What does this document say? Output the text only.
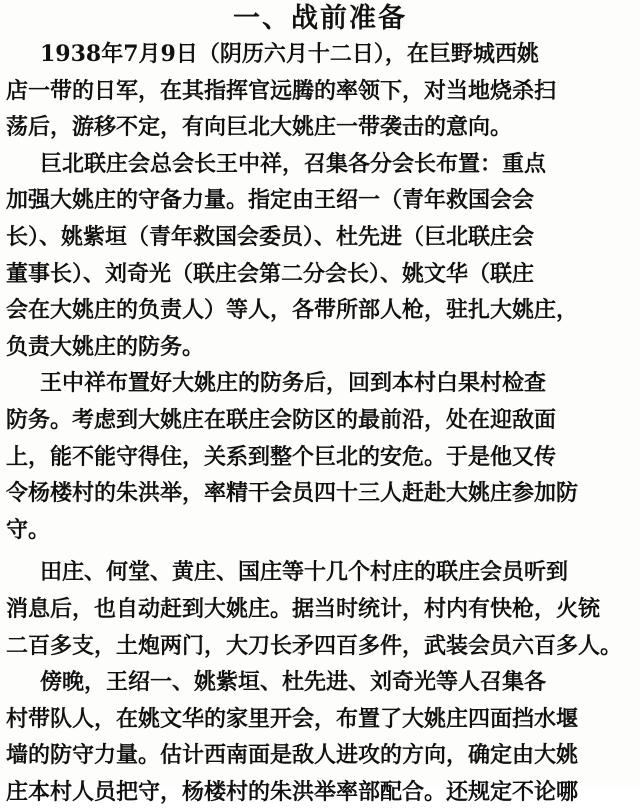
一、战前准备
1938年7月9日（阴历六月十二日），在巨野城西姚
店一带的日军，在其指挥官远腾的率领下，对当地烧杀扫
荡后，游移不定，有向巨北大姚庄一带袭击的意向。
巨北联庄会总会长王中祥，召集各分会长布置：重点
加强大姚庄的守备力量。指定由王绍一（青年救国会会
长）、姚紫垣（青年救国会委员）、杜先进（巨北联庄会
董事长）、刘奇光（联庄会第二分会长）、姚文华（联庄
会在大姚庄的负责人）等人，各带所部人枪，驻扎大姚庄，
负责大姚庄的防务。
王中祥布置好大姚庄的防务后，回到本村白果村检查
防务。考虑到大姚庄在联庄会防区的最前沿，处在迎敌面
上，能不能守得住，关系到整个巨北的安危。于是他又传
令杨楼村的朱洪举，率精干会员四十三人赶赴大姚庄参加防
守。
田庄、何堂、黄庄、国庄等十几个村庄的联庄会员听到
消息后，也自动赶到大姚庄。据当时统计，村内有快枪，火铳
二百多支，土炮两门，大刀长矛四百多件，武装会员六百多人。
傍晚，王绍一、姚紫垣、杜先进、刘奇光等人召集各
村带队人，在姚文华的家里开会，布置了大姚庄四面挡水堰
墙的防守力量。估计西南面是敌人进攻的方向，确定由大姚
庄本村人员把守，杨楼村的朱洪举率部配合。还规定不论哪
